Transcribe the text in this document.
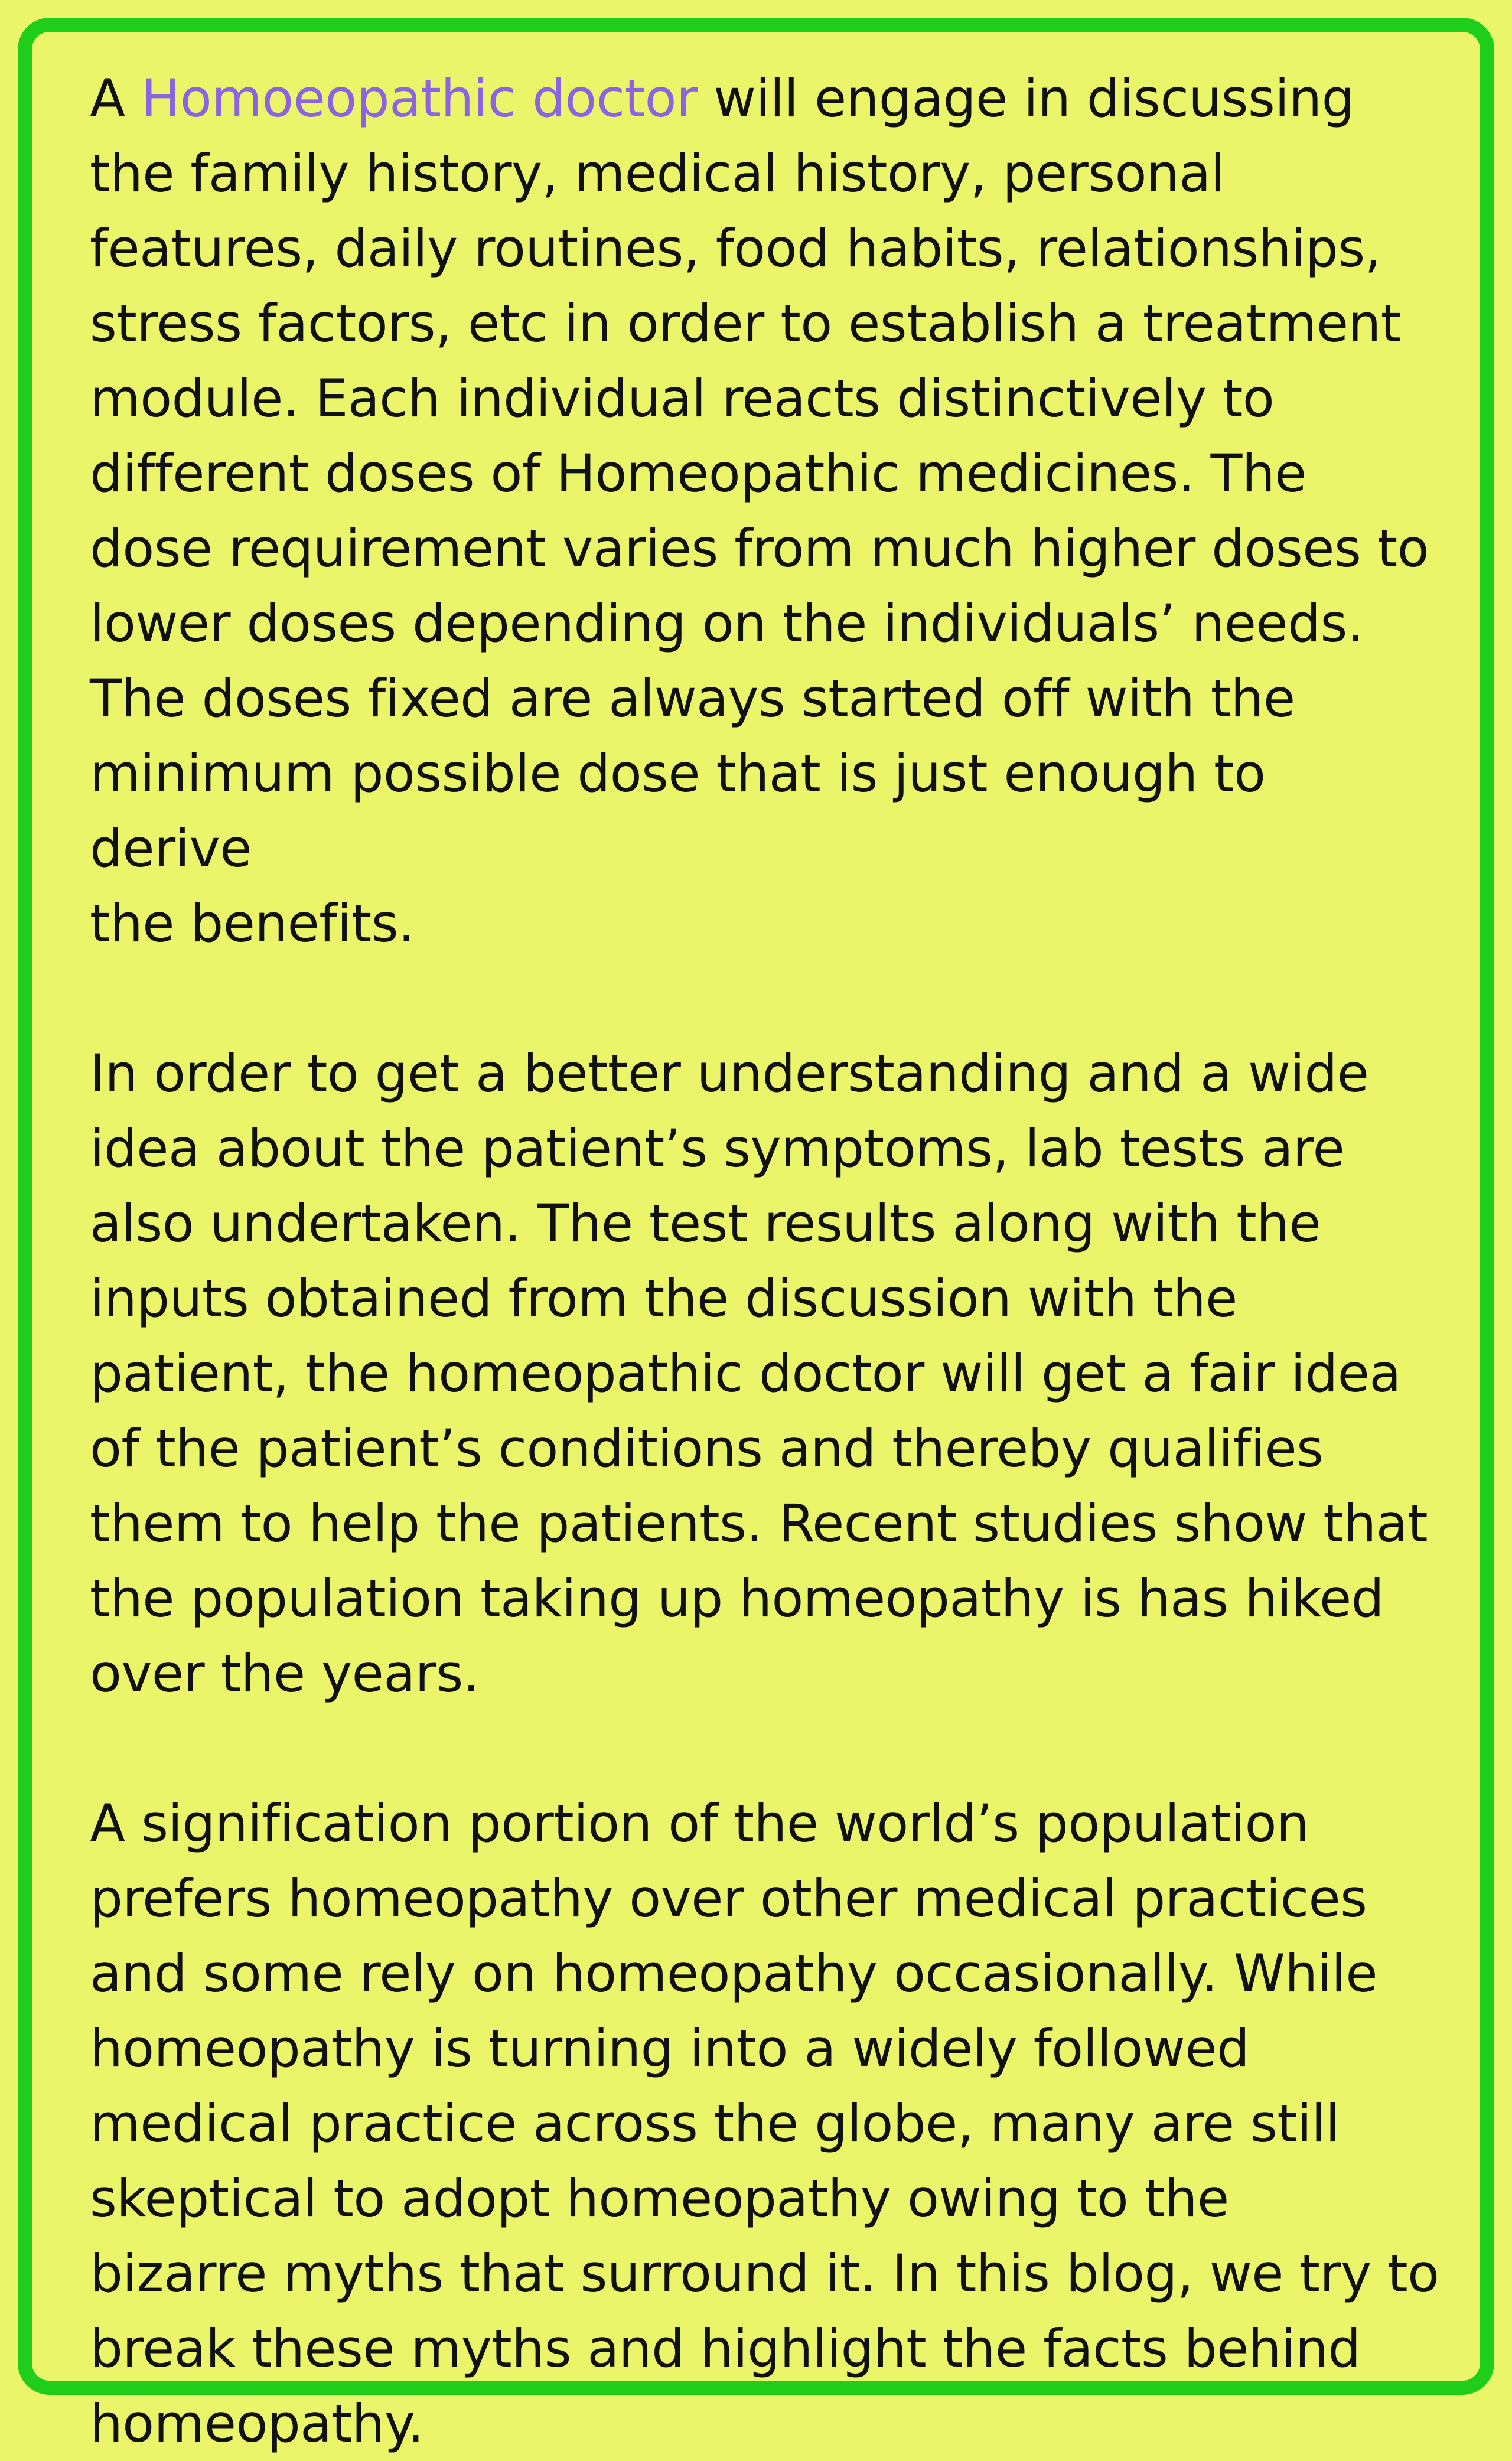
A Homoeopathic doctor will engage in discussing
the family history, medical history, personal
features, daily routines, food habits, relationships,
stress factors, etc in order to establish a treatment
module. Each individual reacts distinctively to
different doses of Homeopathic medicines. The
dose requirement varies from much higher doses to
lower doses depending on the individuals’ needs.
The doses fixed are always started off with the
minimum possible dose that is just enough to derive
the benefits.

In order to get a better understanding and a wide
idea about the patient’s symptoms, lab tests are
also undertaken. The test results along with the
inputs obtained from the discussion with the
patient, the homeopathic doctor will get a fair idea
of the patient’s conditions and thereby qualifies
them to help the patients. Recent studies show that
the population taking up homeopathy is has hiked
over the years.

A signification portion of the world’s population
prefers homeopathy over other medical practices
and some rely on homeopathy occasionally. While
homeopathy is turning into a widely followed
medical practice across the globe, many are still
skeptical to adopt homeopathy owing to the
bizarre myths that surround it. In this blog, we try to
break these myths and highlight the facts behind
homeopathy.
